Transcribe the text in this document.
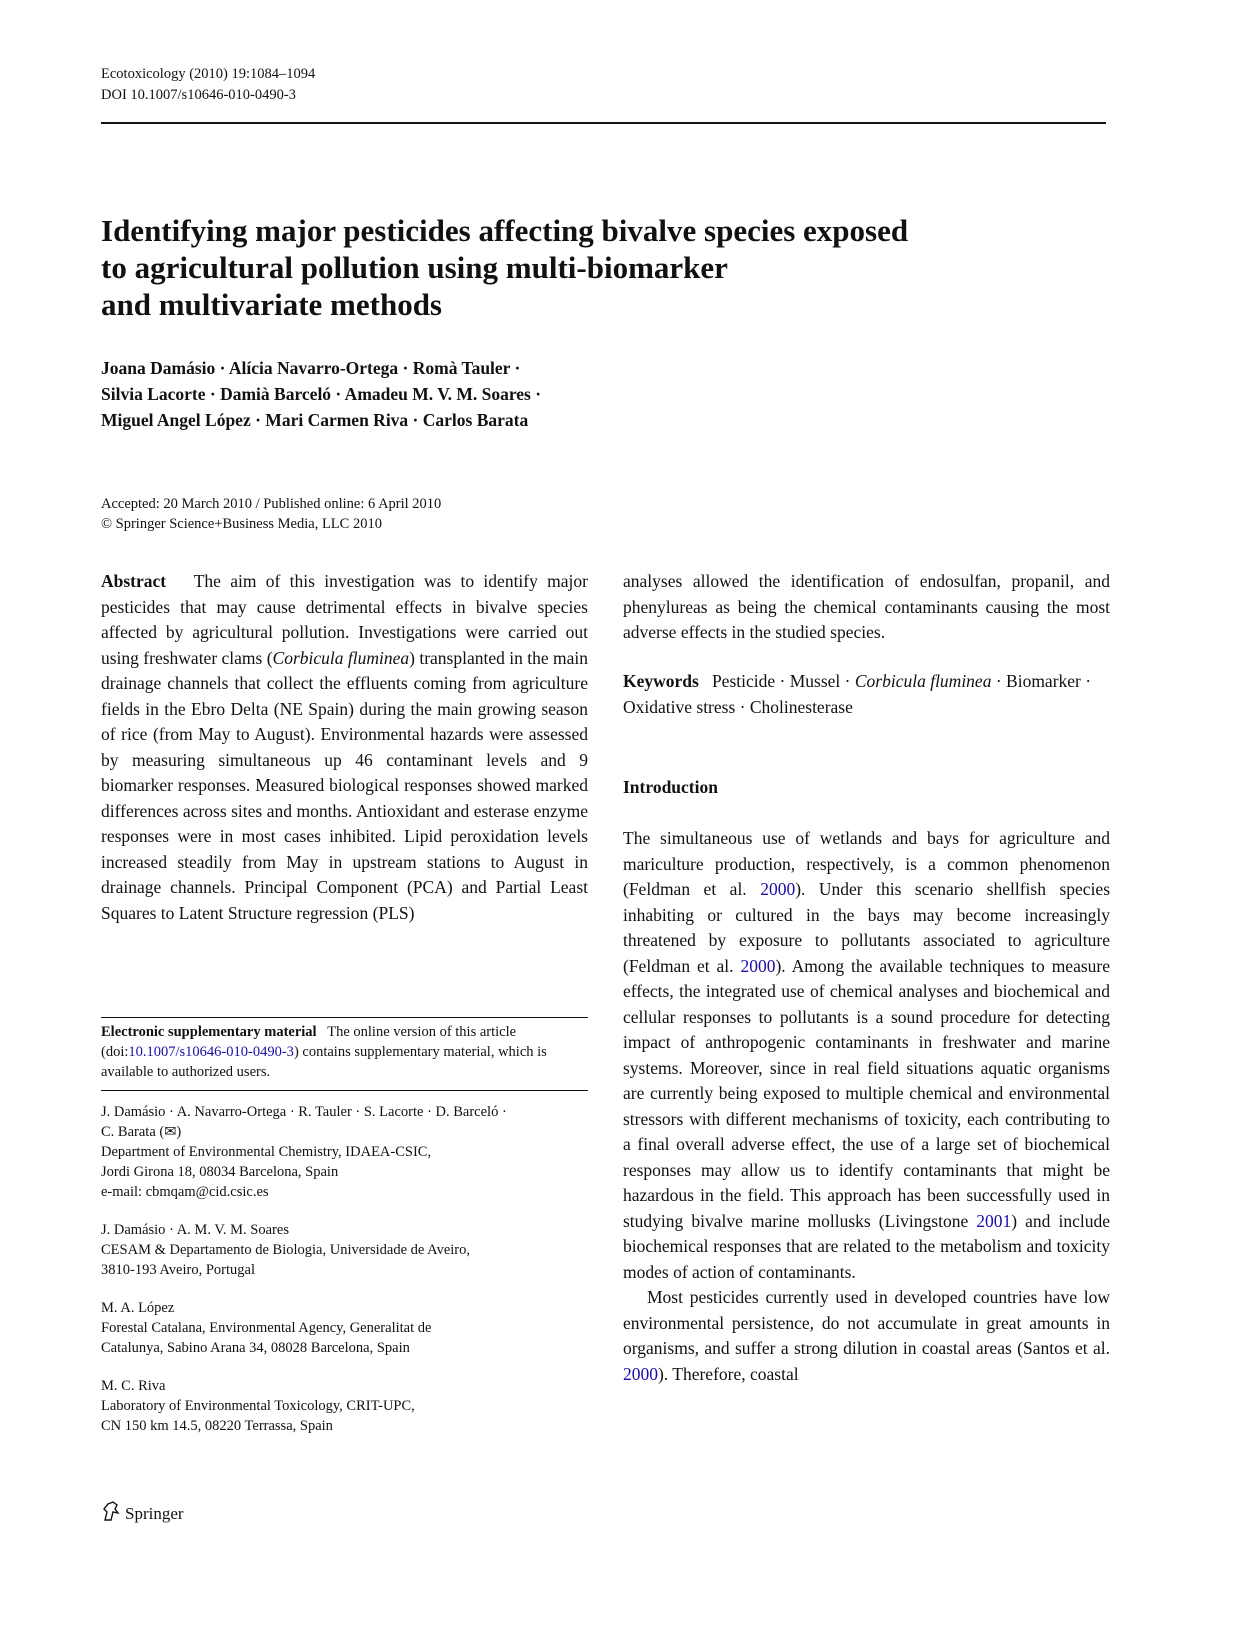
Ecotoxicology (2010) 19:1084–1094
DOI 10.1007/s10646-010-0490-3
Identifying major pesticides affecting bivalve species exposed
to agricultural pollution using multi-biomarker
and multivariate methods
Joana Damásio · Alícia Navarro-Ortega · Romà Tauler ·
Silvia Lacorte · Damià Barceló · Amadeu M. V. M. Soares ·
Miguel Angel López · Mari Carmen Riva · Carlos Barata
Accepted: 20 March 2010 / Published online: 6 April 2010
© Springer Science+Business Media, LLC 2010

Abstract The aim of this investigation was to identify major pesticides that may cause detrimental effects in bivalve species affected by agricultural pollution. Investigations were carried out using freshwater clams (Corbicula fluminea) transplanted in the main drainage channels that collect the effluents coming from agriculture fields in the Ebro Delta (NE Spain) during the main growing season of rice (from May to August). Environmental hazards were assessed by measuring simultaneous up 46 contaminant levels and 9 biomarker responses. Measured biological responses showed marked differences across sites and months. Antioxidant and esterase enzyme responses were in most cases inhibited. Lipid peroxidation levels increased steadily from May in upstream stations to August in drainage channels. Principal Component (PCA) and Partial Least Squares to Latent Structure regression (PLS)

Electronic supplementary material The online version of this article (doi:10.1007/s10646-010-0490-3) contains supplementary material, which is available to authorized users.

J. Damásio · A. Navarro-Ortega · R. Tauler · S. Lacorte · D. Barceló · C. Barata (✉)
Department of Environmental Chemistry, IDAEA-CSIC,
Jordi Girona 18, 08034 Barcelona, Spain
e-mail: cbmqam@cid.csic.es
J. Damásio · A. M. V. M. Soares
CESAM & Departamento de Biologia, Universidade de Aveiro,
3810-193 Aveiro, Portugal
M. A. López
Forestal Catalana, Environmental Agency, Generalitat de
Catalunya, Sabino Arana 34, 08028 Barcelona, Spain
M. C. Riva
Laboratory of Environmental Toxicology, CRIT-UPC,
CN 150 km 14.5, 08220 Terrassa, Spain

analyses allowed the identification of endosulfan, propanil, and phenylureas as being the chemical contaminants causing the most adverse effects in the studied species.

Keywords Pesticide · Mussel · Corbicula fluminea · Biomarker · Oxidative stress · Cholinesterase

Introduction

The simultaneous use of wetlands and bays for agriculture and mariculture production, respectively, is a common phenomenon (Feldman et al. 2000). Under this scenario shellfish species inhabiting or cultured in the bays may become increasingly threatened by exposure to pollutants associated to agriculture (Feldman et al. 2000). Among the available techniques to measure effects, the integrated use of chemical analyses and biochemical and cellular responses to pollutants is a sound procedure for detecting impact of anthropogenic contaminants in freshwater and marine systems. Moreover, since in real field situations aquatic organisms are currently being exposed to multiple chemical and environmental stressors with different mechanisms of toxicity, each contributing to a final overall adverse effect, the use of a large set of biochemical responses may allow us to identify contaminants that might be hazardous in the field. This approach has been successfully used in studying bivalve marine mollusks (Livingstone 2001) and include biochemical responses that are related to the metabolism and toxicity modes of action of contaminants.

Most pesticides currently used in developed countries have low environmental persistence, do not accumulate in great amounts in organisms, and suffer a strong dilution in coastal areas (Santos et al. 2000). Therefore, coastal

Springer
